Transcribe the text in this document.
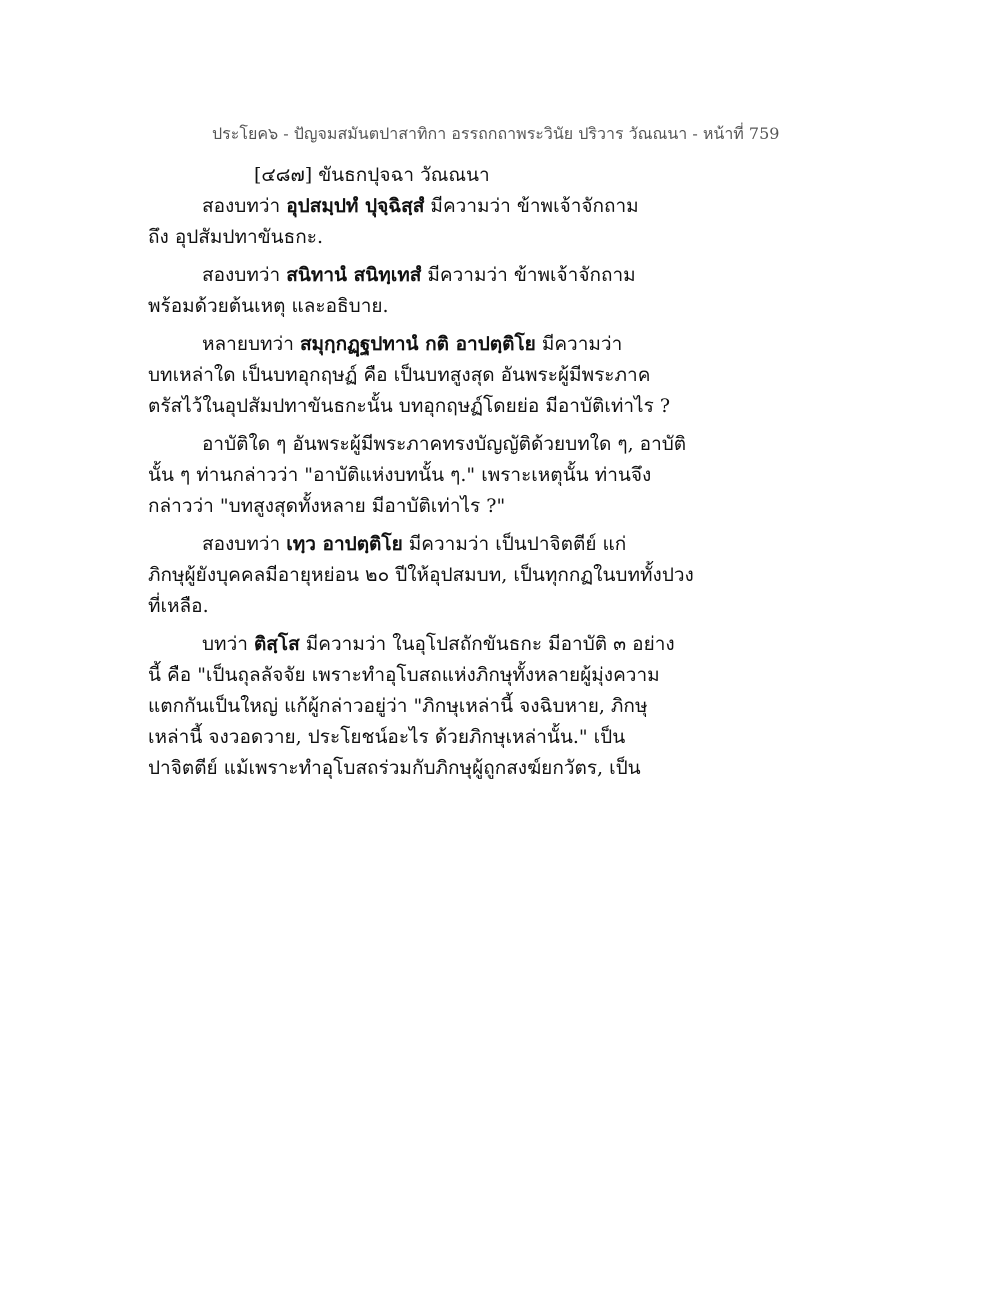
ประโยค๖ - ปัญจมสมันตปาสาทิกา อรรถกถาพระวินัย ปริวาร วัณณนา - หน้าที่ 759
[๔๘๗] ขันธกปุจฉา วัณณนา
สองบทว่า อุปสมฺปทํ ปุจฺฉิสฺสํ มีความว่า ข้าพเจ้าจักถาม
ถึง อุปสัมปทาขันธกะ.
สองบทว่า สนิทานํ สนิทฺเทสํ มีความว่า ข้าพเจ้าจักถาม
พร้อมด้วยต้นเหตุ และอธิบาย.
หลายบทว่า สมุกฺกฏฺฐปทานํ กติ อาปตฺติโย มีความว่า
บทเหล่าใด เป็นบทอุกฤษฏ์ คือ เป็นบทสูงสุด อันพระผู้มีพระภาค
ตรัสไว้ในอุปสัมปทาขันธกะนั้น บทอุกฤษฏ์โดยย่อ มีอาบัติเท่าไร ?
อาบัติใด ๆ อันพระผู้มีพระภาคทรงบัญญัติด้วยบทใด ๆ, อาบัติ
นั้น ๆ ท่านกล่าวว่า "อาบัติแห่งบทนั้น ๆ." เพราะเหตุนั้น ท่านจึง
กล่าวว่า "บทสูงสุดทั้งหลาย มีอาบัติเท่าไร ?"
สองบทว่า เทฺว อาปตฺติโย มีความว่า เป็นปาจิตตีย์ แก่
ภิกษุผู้ยังบุคคลมีอายุหย่อน ๒๐ ปีให้อุปสมบท, เป็นทุกกฏในบททั้งปวง
ที่เหลือ.
บทว่า ติสฺโส มีความว่า ในอุโปสถักขันธกะ มีอาบัติ ๓ อย่าง
นี้ คือ "เป็นถุลลัจจัย เพราะทำอุโบสถแห่งภิกษุทั้งหลายผู้มุ่งความ
แตกกันเป็นใหญ่ แก้ผู้กล่าวอยู่ว่า "ภิกษุเหล่านี้ จงฉิบหาย, ภิกษุ
เหล่านี้ จงวอดวาย, ประโยชน์อะไร ด้วยภิกษุเหล่านั้น." เป็น
ปาจิตตีย์ แม้เพราะทำอุโบสถร่วมกับภิกษุผู้ถูกสงฆ์ยกวัตร, เป็น
